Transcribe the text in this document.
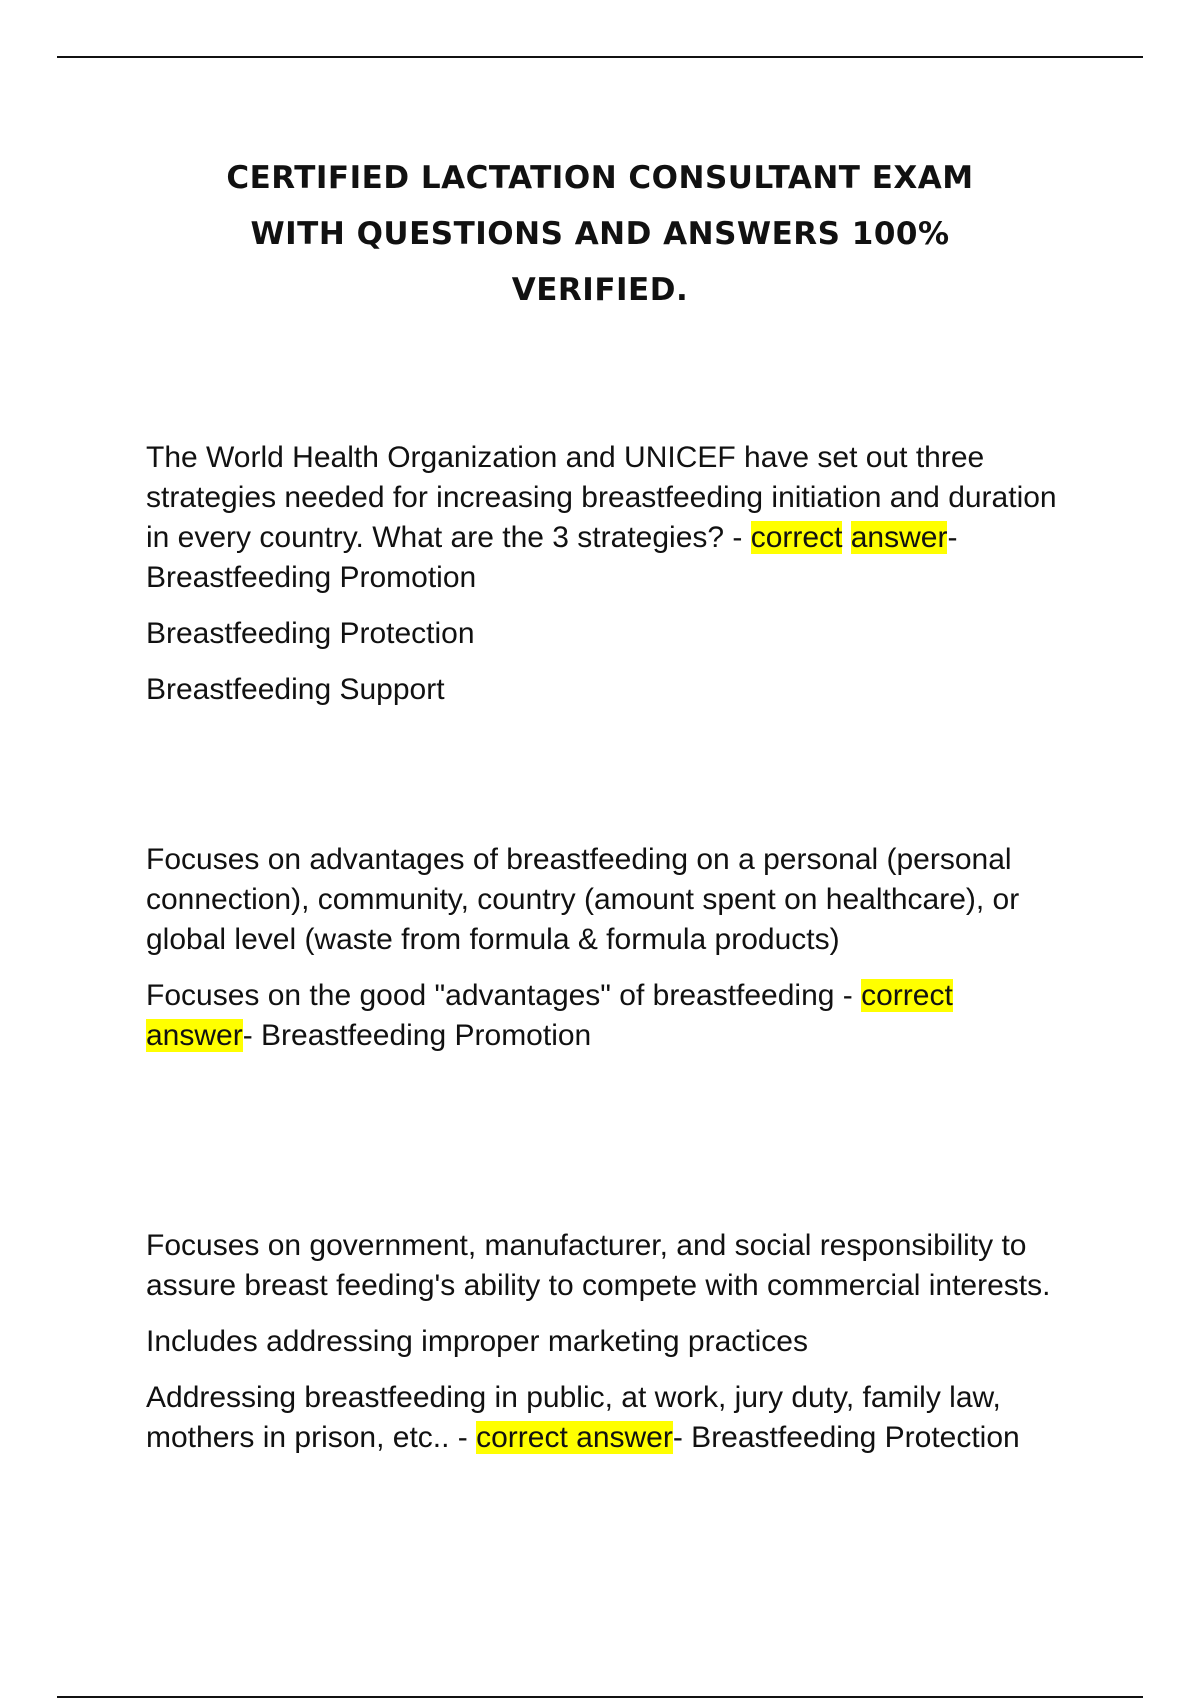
CERTIFIED LACTATION CONSULTANT EXAM
WITH QUESTIONS AND ANSWERS 100%
VERIFIED.

The World Health Organization and UNICEF have set out three strategies needed for increasing breastfeeding initiation and duration in every country. What are the 3 strategies? - correct answer- Breastfeeding Promotion

Breastfeeding Protection

Breastfeeding Support

Focuses on advantages of breastfeeding on a personal (personal connection), community, country (amount spent on healthcare), or global level (waste from formula & formula products)

Focuses on the good "advantages" of breastfeeding - correct answer- Breastfeeding Promotion

Focuses on government, manufacturer, and social responsibility to assure breast feeding's ability to compete with commercial interests.

Includes addressing improper marketing practices

Addressing breastfeeding in public, at work, jury duty, family law, mothers in prison, etc.. - correct answer- Breastfeeding Protection
